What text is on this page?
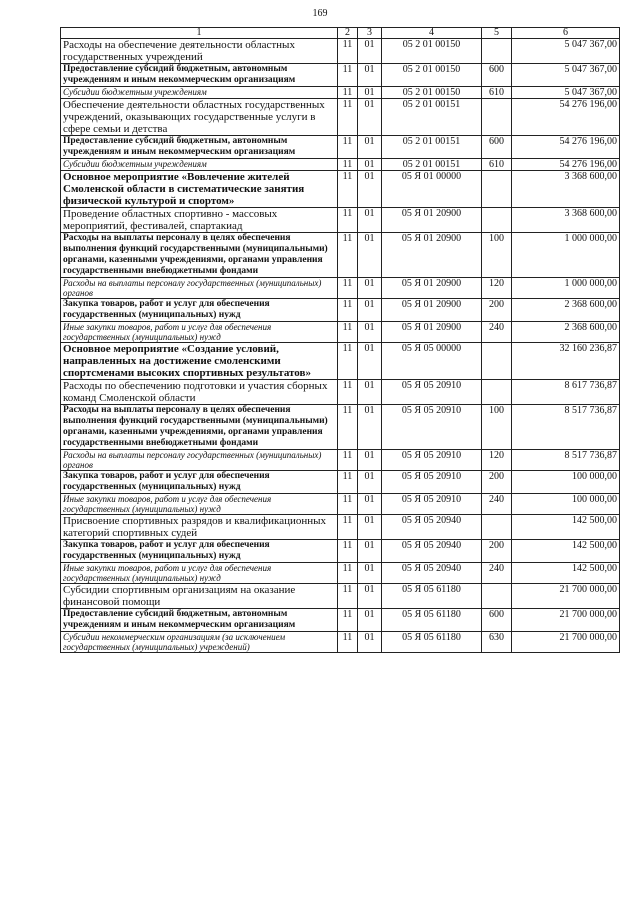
169
1	2	3	4	5	6
Расходы на обеспечение деятельности областных государственных учреждений	11	01	05 2 01 00150		5 047 367,00
Предоставление субсидий бюджетным, автономным учреждениям и иным некоммерческим организациям	11	01	05 2 01 00150	600	5 047 367,00
Субсидии бюджетным учреждениям	11	01	05 2 01 00150	610	5 047 367,00
Обеспечение деятельности областных государственных учреждений, оказывающих государственные услуги в сфере семьи и детства	11	01	05 2 01 00151		54 276 196,00
Предоставление субсидий бюджетным, автономным учреждениям и иным некоммерческим организациям	11	01	05 2 01 00151	600	54 276 196,00
Субсидии бюджетным учреждениям	11	01	05 2 01 00151	610	54 276 196,00
Основное мероприятие «Вовлечение жителей Смоленской области в систематические занятия физической культурой и спортом»	11	01	05 Я 01 00000		3 368 600,00
Проведение областных спортивно - массовых мероприятий, фестивалей, спартакиад	11	01	05 Я 01 20900		3 368 600,00
Расходы на выплаты персоналу в целях обеспечения выполнения функций государственными (муниципальными) органами, казенными учреждениями, органами управления государственными внебюджетными фондами	11	01	05 Я 01 20900	100	1 000 000,00
Расходы на выплаты персоналу государственных (муниципальных) органов	11	01	05 Я 01 20900	120	1 000 000,00
Закупка товаров, работ и услуг для обеспечения государственных (муниципальных) нужд	11	01	05 Я 01 20900	200	2 368 600,00
Иные закупки товаров, работ и услуг для обеспечения государственных (муниципальных) нужд	11	01	05 Я 01 20900	240	2 368 600,00
Основное мероприятие «Создание условий, направленных на достижение смоленскими спортсменами высоких спортивных результатов»	11	01	05 Я 05 00000		32 160 236,87
Расходы по обеспечению подготовки и участия сборных команд Смоленской области	11	01	05 Я 05 20910		8 617 736,87
Расходы на выплаты персоналу в целях обеспечения выполнения функций государственными (муниципальными) органами, казенными учреждениями, органами управления государственными внебюджетными фондами	11	01	05 Я 05 20910	100	8 517 736,87
Расходы на выплаты персоналу государственных (муниципальных) органов	11	01	05 Я 05 20910	120	8 517 736,87
Закупка товаров, работ и услуг для обеспечения государственных (муниципальных) нужд	11	01	05 Я 05 20910	200	100 000,00
Иные закупки товаров, работ и услуг для обеспечения государственных (муниципальных) нужд	11	01	05 Я 05 20910	240	100 000,00
Присвоение спортивных разрядов и квалификационных категорий спортивных судей	11	01	05 Я 05 20940		142 500,00
Закупка товаров, работ и услуг для обеспечения государственных (муниципальных) нужд	11	01	05 Я 05 20940	200	142 500,00
Иные закупки товаров, работ и услуг для обеспечения государственных (муниципальных) нужд	11	01	05 Я 05 20940	240	142 500,00
Субсидии спортивным организациям на оказание финансовой помощи	11	01	05 Я 05 61180		21 700 000,00
Предоставление субсидий бюджетным, автономным учреждениям и иным некоммерческим организациям	11	01	05 Я 05 61180	600	21 700 000,00
Субсидии некоммерческим организациям (за исключением государственных (муниципальных) учреждений)	11	01	05 Я 05 61180	630	21 700 000,00
